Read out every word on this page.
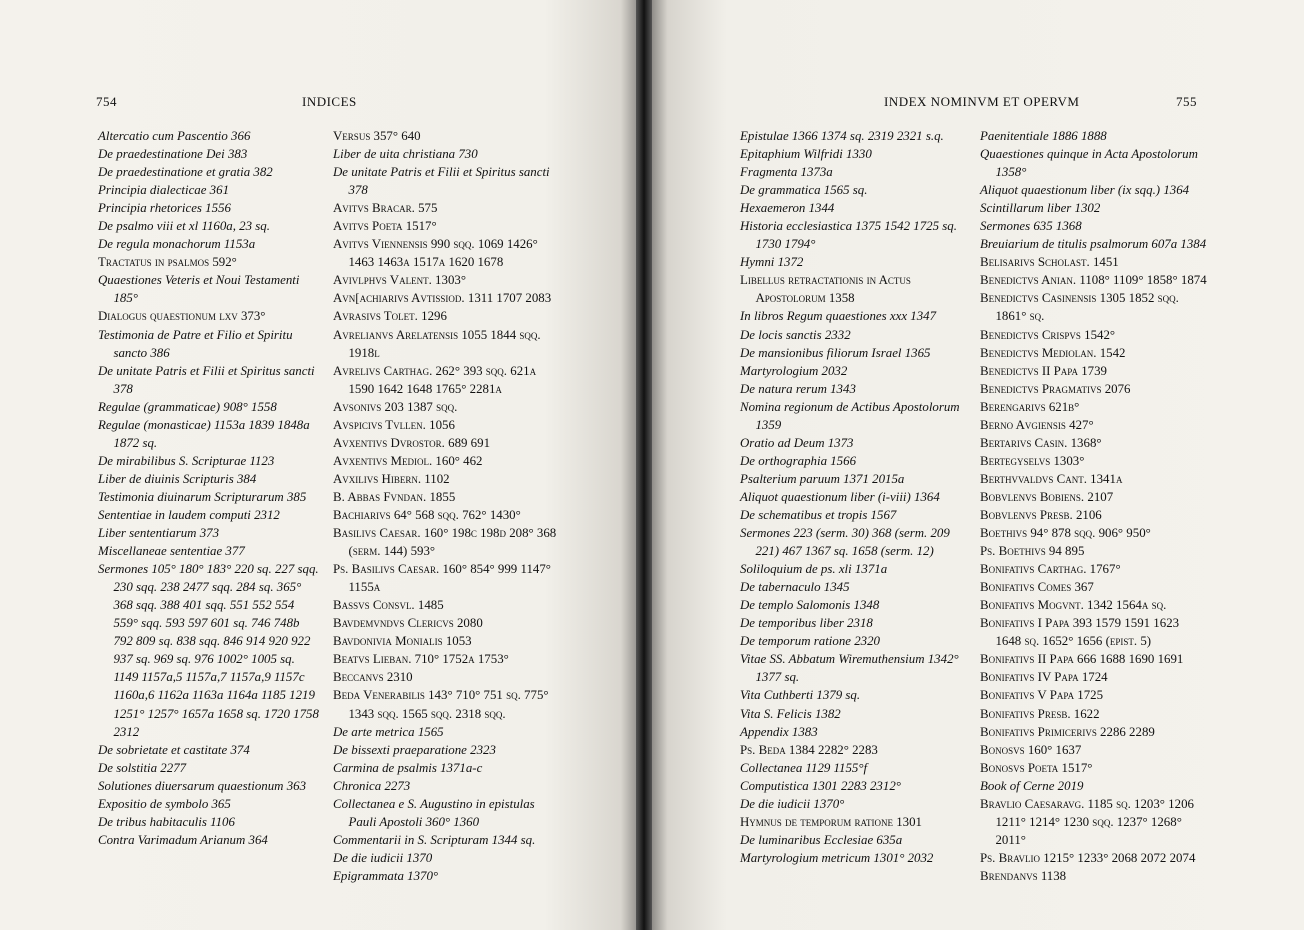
754	INDICES
Altercatio cum Pascentio 366
De praedestinatione Dei 383
De praedestinatione et gratia 382
Principia dialecticae 361
Principia rhetorices 1556
De psalmo viii et xl 1160a, 23 sq.
De regula monachorum 1153a
Tractatus in psalmos 592°
Quaestiones Veteris et Noui Testamenti 185°
Dialogus quaestionum lxv 373°
Testimonia de Patre et Filio et Spiritu sancto 386
De unitate Patris et Filii et Spiritus sancti 378
Regulae (grammaticae) 908° 1558
Regulae (monasticae) 1153a 1839 1848a 1872 sq.
De mirabilibus S. Scripturae 1123
Liber de diuinis Scripturis 384
Testimonia diuinarum Scripturarum 385
Sententiae in laudem computi 2312
Liber sententiarum 373
Miscellaneae sententiae 377
Sermones 105° 180° 183° 220 sq. 227 sqq. 230 sqq. 238 2477 sqq. 284 sq. 365° 368 sqq. 388 401 sqq. 551 552 554 559° sqq. 593 597 601 sq. 746 748b 792 809 sq. 838 sqq. 846 914 920 922 937 sq. 969 sq. 976 1002° 1005 sq. 1149 1157a,5 1157a,7 1157a,9 1157c 1160a,6 1162a 1163a 1164a 1185 1219 1251° 1257° 1657a 1658 sq. 1720 1758 2312
De sobrietate et castitate 374
De solstitia 2277
Solutiones diuersarum quaestionum 363
Expositio de symbolo 365
De tribus habitaculis 1106
Contra Varimadum Arianum 364
Versus 357° 640
Liber de uita christiana 730
De unitate Patris et Filii et Spiritus sancti 378
Avitvs Bracar. 575
Avitvs Poeta 1517°
Avitvs Viennensis 990 sqq. 1069 1426° 1463 1463a 1517a 1620 1678
Avivlphvs Valent. 1303°
Avn[achiarivs Avtissiod. 1311 1707 2083
Avrasivs Tolet. 1296
Avrelianvs Arelatensis 1055 1844 sqq. 1918l
Avrelivs Carthag. 262° 393 sqq. 621a 1590 1642 1648 1765° 2281a
Avsonivs 203 1387 sqq.
Avspicivs Tvllen. 1056
Avxentivs Dvrostor. 689 691
Avxentivs Mediol. 160° 462
Avxilivs Hibern. 1102
B. Abbas Fvndan. 1855
Bachiarivs 64° 568 sqq. 762° 1430°
Basilivs Caesar. 160° 198c 198d 208° 368 (serm. 144) 593°
Ps. Basilivs Caesar. 160° 854° 999 1147° 1155a
Bassvs Consvl. 1485
Bavdemvndvs Clericvs 2080
Bavdonivia Monialis 1053
Beatvs Lieban. 710° 1752a 1753°
Beccanvs 2310
Beda Venerabilis 143° 710° 751 sq. 775° 1343 sqq. 1565 sqq. 2318 sqq.
De arte metrica 1565
De bissexti praeparatione 2323
Carmina de psalmis 1371a-c
Chronica 2273
Collectanea e S. Augustino in epistulas Pauli Apostoli 360° 1360
Commentarii in S. Scripturam 1344 sq.
De die iudicii 1370
Epigrammata 1370°
INDEX NOMINVM ET OPERVM	755
Epistulae 1366 1374 sq. 2319 2321 s.q.
Epitaphium Wilfridi 1330
Fragmenta 1373a
De grammatica 1565 sq.
Hexaemeron 1344
Historia ecclesiastica 1375 1542 1725 sq. 1730 1794°
Hymni 1372
Libellus retractationis in Actus Apostolorum 1358
In libros Regum quaestiones xxx 1347
De locis sanctis 2332
De mansionibus filiorum Israel 1365
Martyrologium 2032
De natura rerum 1343
Nomina regionum de Actibus Apostolorum 1359
Oratio ad Deum 1373
De orthographia 1566
Psalterium paruum 1371 2015a
Aliquot quaestionum liber (i-viii) 1364
De schematibus et tropis 1567
Sermones 223 (serm. 30) 368 (serm. 209 221) 467 1367 sq. 1658 (serm. 12)
Soliloquium de ps. xli 1371a
De tabernaculo 1345
De templo Salomonis 1348
De temporibus liber 2318
De temporum ratione 2320
Vitae SS. Abbatum Wiremuthensium 1342° 1377 sq.
Vita Cuthberti 1379 sq.
Vita S. Felicis 1382
Appendix 1383
Ps. Beda 1384 2282° 2283
Collectanea 1129 1155°f
Computistica 1301 2283 2312°
De die iudicii 1370°
Hymnus de temporum ratione 1301
De luminaribus Ecclesiae 635a
Martyrologium metricum 1301° 2032
Paenitentiale 1886 1888
Quaestiones quinque in Acta Apostolorum 1358°
Aliquot quaestionum liber (ix sqq.) 1364
Scintillarum liber 1302
Sermones 635 1368
Breuiarium de titulis psalmorum 607a 1384
Belisarivs Scholast. 1451
Benedictvs Anian. 1108° 1109° 1858° 1874
Benedictvs Casinensis 1305 1852 sqq. 1861° sq.
Benedictvs Crispvs 1542°
Benedictvs Mediolan. 1542
Benedictvs II Papa 1739
Benedictvs Pragmativs 2076
Berengarivs 621b°
Berno Avgiensis 427°
Bertarivs Casin. 1368°
Bertegyselvs 1303°
Berthvvaldvs Cant. 1341a
Bobvlenvs Bobiens. 2107
Bobvlenvs Presb. 2106
Boethivs 94° 878 sqq. 906° 950°
Ps. Boethivs 94 895
Bonifativs Carthag. 1767°
Bonifativs Comes 367
Bonifativs Mogvnt. 1342 1564a sq.
Bonifativs I Papa 393 1579 1591 1623 1648 sq. 1652° 1656 (epist. 5)
Bonifativs II Papa 666 1688 1690 1691
Bonifativs IV Papa 1724
Bonifativs V Papa 1725
Bonifativs Presb. 1622
Bonifativs Primicerivs 2286 2289
Bonosvs 160° 1637
Bonosvs Poeta 1517°
Book of Cerne 2019
Bravlio Caesaravg. 1185 sq. 1203° 1206 1211° 1214° 1230 sqq. 1237° 1268° 2011°
Ps. Bravlio 1215° 1233° 2068 2072 2074
Brendanvs 1138
